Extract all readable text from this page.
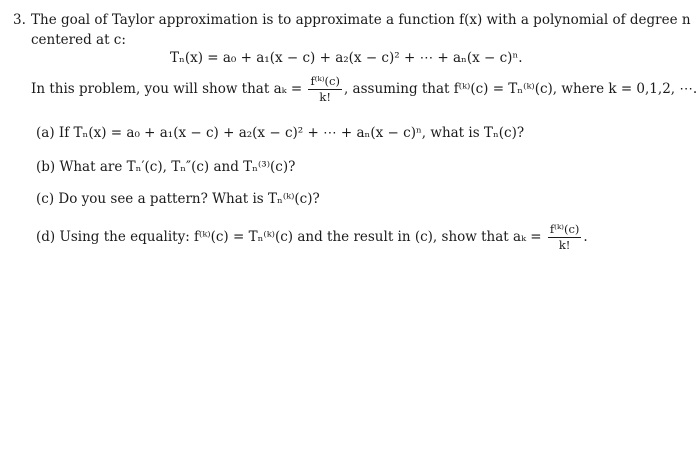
3. The goal of Taylor approximation is to approximate a function f(x) with a polynomial of degree n
centered at c:
Tₙ(x) = a₀ + a₁(x − c) + a₂(x − c)² + ⋯ + aₙ(x − c)ⁿ.
In this problem, you will show that $a_k = \frac{\text{f⁽ᵏ⁾(c)}}{k!}$ , assuming that f⁽ᵏ⁾(c) = Tₙ⁽ᵏ⁾(c), where k = 0,1,2, ⋯.
(a) If Tₙ(x) = a₀ + a₁(x − c) + a₂(x − c)² + ⋯ + aₙ(x − c)ⁿ, what is Tₙ(c)?
(b) What are Tₙ′(c), Tₙ″(c) and Tₙ⁽³⁾(c)?
(c) Do you see a pattern? What is Tₙ⁽ᵏ⁾(c)?
(d) Using the equality: f⁽ᵏ⁾(c) = Tₙ⁽ᵏ⁾(c) and the result in (c), show that $a_k = \frac{\text{f⁽ᵏ⁾(c)}}{k!}$ .
